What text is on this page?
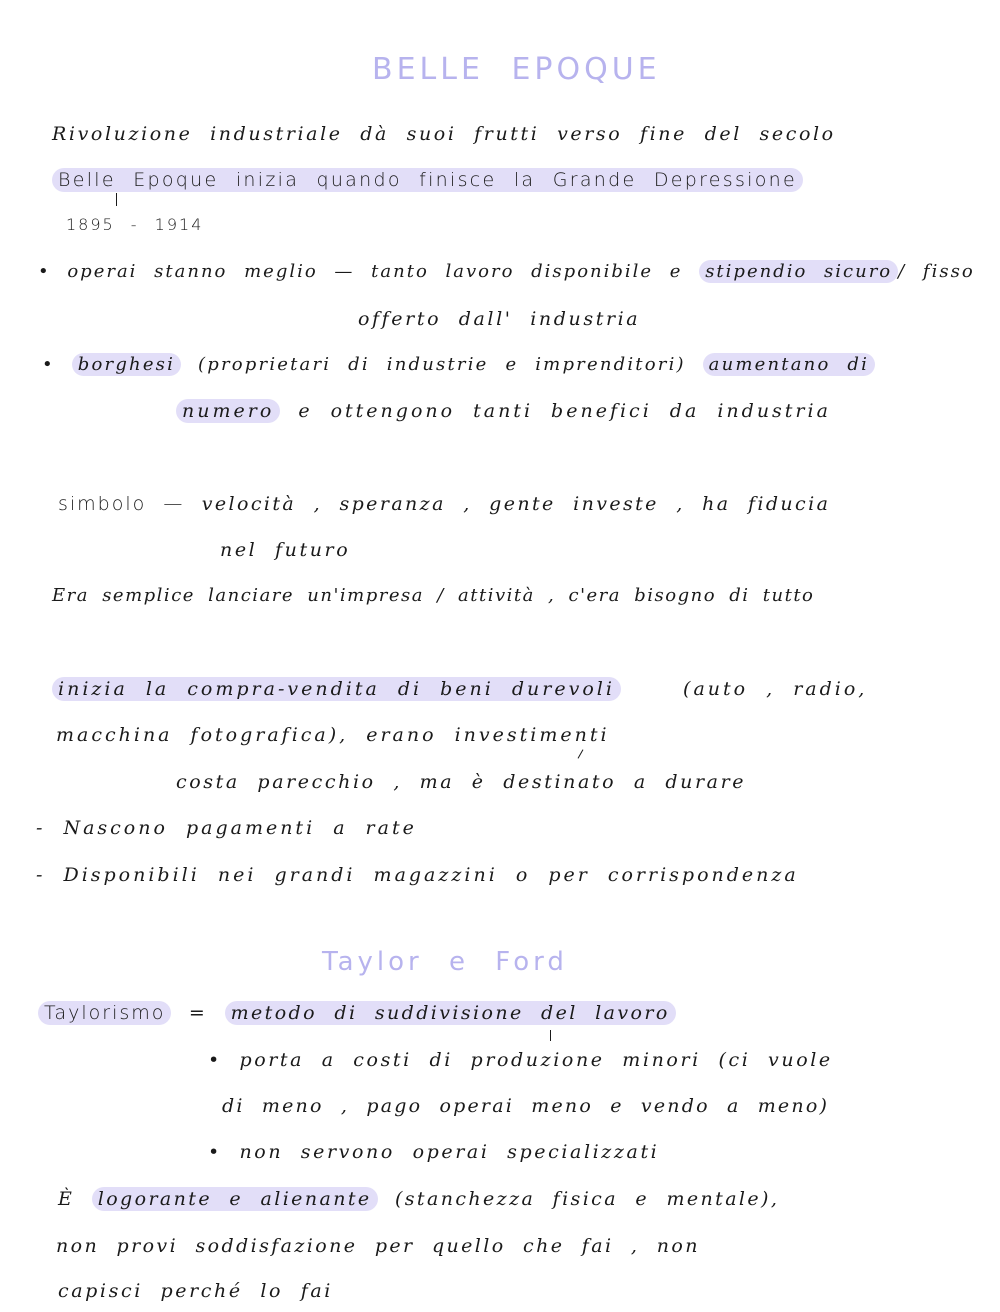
BELLE EPOQUE
Rivoluzione industriale dà suoi frutti verso fine del secolo
Belle Epoque inizia quando finisce la Grande Depressione
1895 - 1914
• operai stanno meglio — tanto lavoro disponibile e stipendio sicuro / fisso
offerto dall' industria
• borghesi (proprietari di industrie e imprenditori) aumentano di
numero e ottengono tanti benefici da industria
simbolo — velocità , speranza , gente investe , ha fiducia
nel futuro
Era semplice lanciare un'impresa / attività , c'era bisogno di tutto
inizia la compra-vendita di beni durevoli	(auto , radio,
macchina fotografica), erano investimenti
costa parecchio , ma è destinato a durare
- Nascono pagamenti a rate
- Disponibili nei grandi magazzini o per corrispondenza
Taylor e Ford
Taylorismo = metodo di suddivisione del lavoro
• porta a costi di produzione minori (ci vuole
di meno , pago operai meno e vendo a meno)
• non servono operai specializzati
È logorante e alienante (stanchezza fisica e mentale),
non provi soddisfazione per quello che fai , non
capisci perché lo fai
